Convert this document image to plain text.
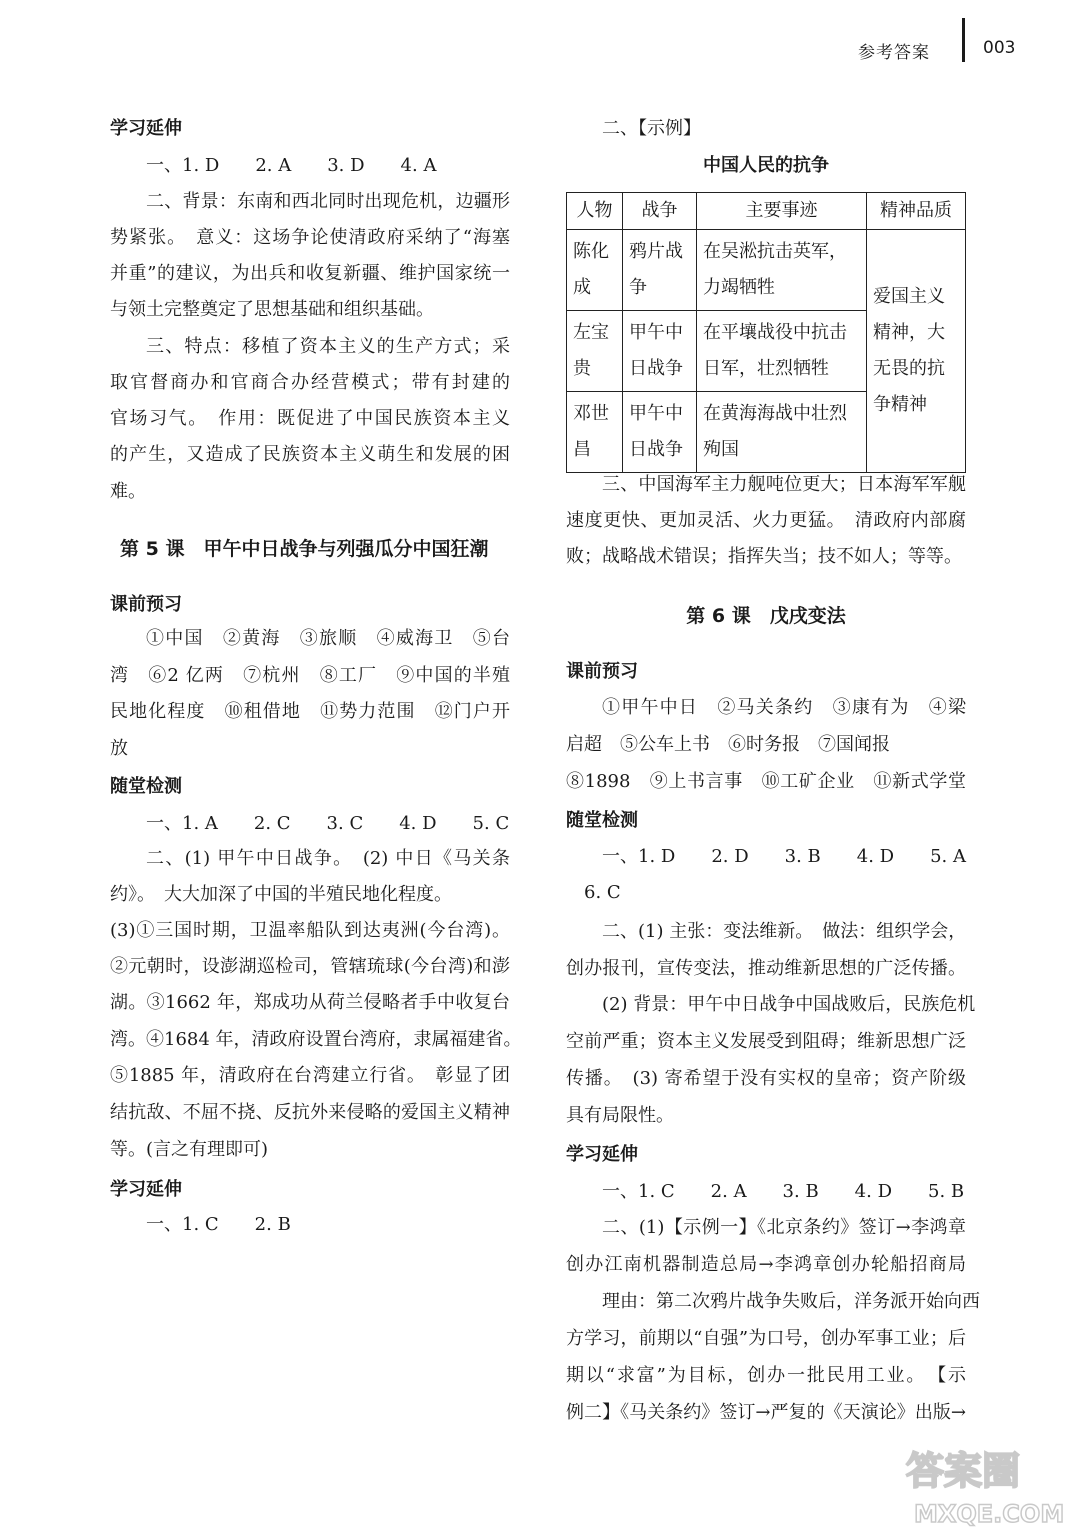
参考答案	003
学习延伸
一、1. D　　2. A　　3. D　　4. A
二、背景：东南和西北同时出现危机，边疆形
势紧张。　意义：这场争论使清政府采纳了“海塞
并重”的建议，为出兵和收复新疆、维护国家统一
与领土完整奠定了思想基础和组织基础。
三、特点：移植了资本主义的生产方式；采
取官督商办和官商合办经营模式；带有封建的
官场习气。　作用：既促进了中国民族资本主义
的产生，又造成了民族资本主义萌生和发展的困
难。
第 5 课　甲午中日战争与列强瓜分中国狂潮
课前预习
①中国　②黄海　③旅顺　④威海卫　⑤台
湾　⑥2 亿两　⑦杭州　⑧工厂　⑨中国的半殖
民地化程度　⑩租借地　⑪势力范围　⑫门户开
放
随堂检测
一、1. A　　2. C　　3. C　　4. D　　5. C
二、(1) 甲午中日战争。　(2) 中日《马关条
约》。　大大加深了中国的半殖民地化程度。
(3)①三国时期，卫温率船队到达夷洲(今台湾)。
②元朝时，设澎湖巡检司，管辖琉球(今台湾)和澎
湖。③1662 年，郑成功从荷兰侵略者手中收复台
湾。④1684 年，清政府设置台湾府，隶属福建省。
⑤1885 年，清政府在台湾建立行省。　彰显了团
结抗敌、不屈不挠、反抗外来侵略的爱国主义精神
等。(言之有理即可)
学习延伸
一、1. C　　2. B
二、【示例】
中国人民的抗争
人物	战争	主要事迹	精神品质
陈化成	鸦片战争	在吴淞抗击英军，力竭牺牲	爱国主义精神，大无畏的抗争精神
左宝贵	甲午中日战争	在平壤战役中抗击日军，壮烈牺牲	
邓世昌	甲午中日战争	在黄海海战中壮烈殉国	
三、中国海军主力舰吨位更大；日本海军军舰
速度更快、更加灵活、火力更猛。　清政府内部腐
败；战略战术错误；指挥失当；技不如人；等等。
第 6 课　戊戌变法
课前预习
①甲午中日　②马关条约　③康有为　④梁
启超　⑤公车上书　⑥时务报　⑦国闻报
⑧1898　⑨上书言事　⑩工矿企业　⑪新式学堂
随堂检测
一、1. D　　2. D　　3. B　　4. D　　5. A
6. C
二、(1) 主张：变法维新。　做法：组织学会，
创办报刊，宣传变法，推动维新思想的广泛传播。
(2) 背景：甲午中日战争中国战败后，民族危机
空前严重；资本主义发展受到阻碍；维新思想广泛
传播。　(3) 寄希望于没有实权的皇帝；资产阶级
具有局限性。
学习延伸
一、1. C　　2. A　　3. B　　4. D　　5. B
二、(1)【示例一】《北京条约》签订→李鸿章
创办江南机器制造总局→李鸿章创办轮船招商局
理由：第二次鸦片战争失败后，洋务派开始向西
方学习，前期以“自强”为口号，创办军事工业；后
期以“求富”为目标，创办一批民用工业。　【示
例二】《马关条约》签订→严复的《天演论》出版→
答案圈
MXQE.COM
